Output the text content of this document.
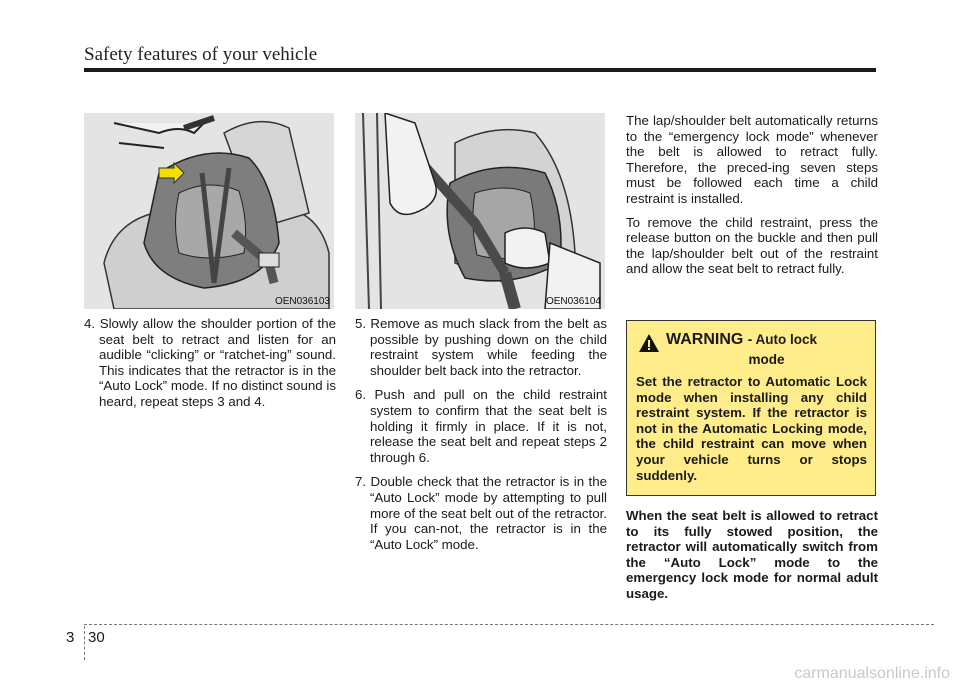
Safety features of your vehicle
OEN036103	OEN036104
4. Slowly allow the shoulder portion of the seat belt to retract and listen for an audible “clicking” or “ratchet-ing” sound. This indicates that the retractor is in the “Auto Lock” mode. If no distinct sound is heard, repeat steps 3 and 4.
5. Remove as much slack from the belt as possible by pushing down on the child restraint system while feeding the shoulder belt back into the retractor.
6. Push and pull on the child restraint system to confirm that the seat belt is holding it firmly in place. If it is not, release the seat belt and repeat steps 2 through 6.
7. Double check that the retractor is in the “Auto Lock” mode by attempting to pull more of the seat belt out of the retractor. If you can-not, the retractor is in the “Auto Lock” mode.

The lap/shoulder belt automatically returns to the “emergency lock mode” whenever the belt is allowed to retract fully. Therefore, the preced-ing seven steps must be followed each time a child restraint is installed.

To remove the child restraint, press the release button on the buckle and then pull the lap/shoulder belt out of the restraint and allow the seat belt to retract fully.

WARNING - Auto lock
mode
Set the retractor to Automatic Lock mode when installing any child restraint system. If the retractor is not in the Automatic Locking mode, the child restraint can move when your vehicle turns or stops suddenly.

When the seat belt is allowed to retract to its fully stowed position, the retractor will automatically switch from the “Auto Lock” mode to the emergency lock mode for normal adult usage.

3 30
carmanualsonline.info
